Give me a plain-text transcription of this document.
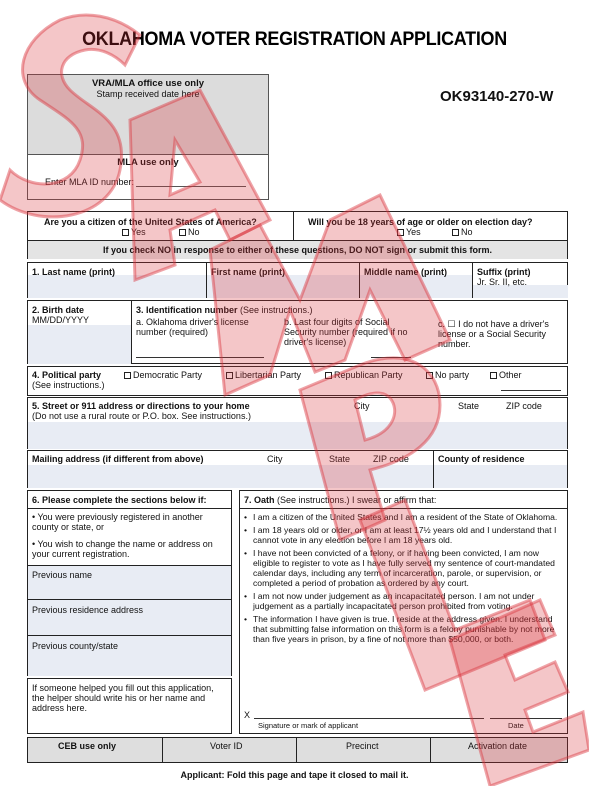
OKLAHOMA VOTER REGISTRATION APPLICATION
OK93140-270-W
VRA/MLA office use only
Stamp received date here
MLA use only
Enter MLA ID number:
Are you a citizen of the United States of America?
Yes	No
Will you be 18 years of age or older on election day?
Yes	No
If you check NO in response to either of these questions, DO NOT sign or submit this form.
1. Last name (print)	First name (print)	Middle name (print)	Suffix (print)
Jr. Sr. II, etc.
2. Birth date
MM/DD/YYYY
3. Identification number (See instructions.)
a. Oklahoma driver's license number (required)
b. Last four digits of Social Security number (required if no driver's license)
c. ☐ I do not have a driver's license or a Social Security number.
4. Political party
(See instructions.)
Democratic Party	Libertarian Party	Republican Party	No party	Other
5. Street or 911 address or directions to your home
(Do not use a rural route or P.O. box. See instructions.)
City	State	ZIP code
Mailing address (if different from above)	City	State	ZIP code	County of residence
6. Please complete the sections below if:
• You were previously registered in another county or state, or
• You wish to change the name or address on your current registration.
Previous name
Previous residence address
Previous county/state
If someone helped you fill out this application, the helper should write his or her name and address here.
7. Oath (See instructions.) I swear or affirm that:
• I am a citizen of the United States and I am a resident of the State of Oklahoma.
• I am 18 years old or older, or I am at least 17½ years old and I understand that I cannot vote in any election before I am 18 years old.
• I have not been convicted of a felony, or if having been convicted, I am now eligible to register to vote as I have fully served my sentence of court-mandated calendar days, including any term of incarceration, parole, or supervision, or completed a period of probation as ordered by any court.
• I am not now under judgement as an incapacitated person. I am not under judgement as a partially incapacitated person prohibited from voting.
• The information I have given is true. I reside at the address given. I understand that submitting false information on this form is a felony punishable by not more than five years in prison, by a fine of not more than $50,000, or both.
X
Signature or mark of applicant	Date
CEB use only	Voter ID	Precinct	Activation date
Applicant: Fold this page and tape it closed to mail it.
